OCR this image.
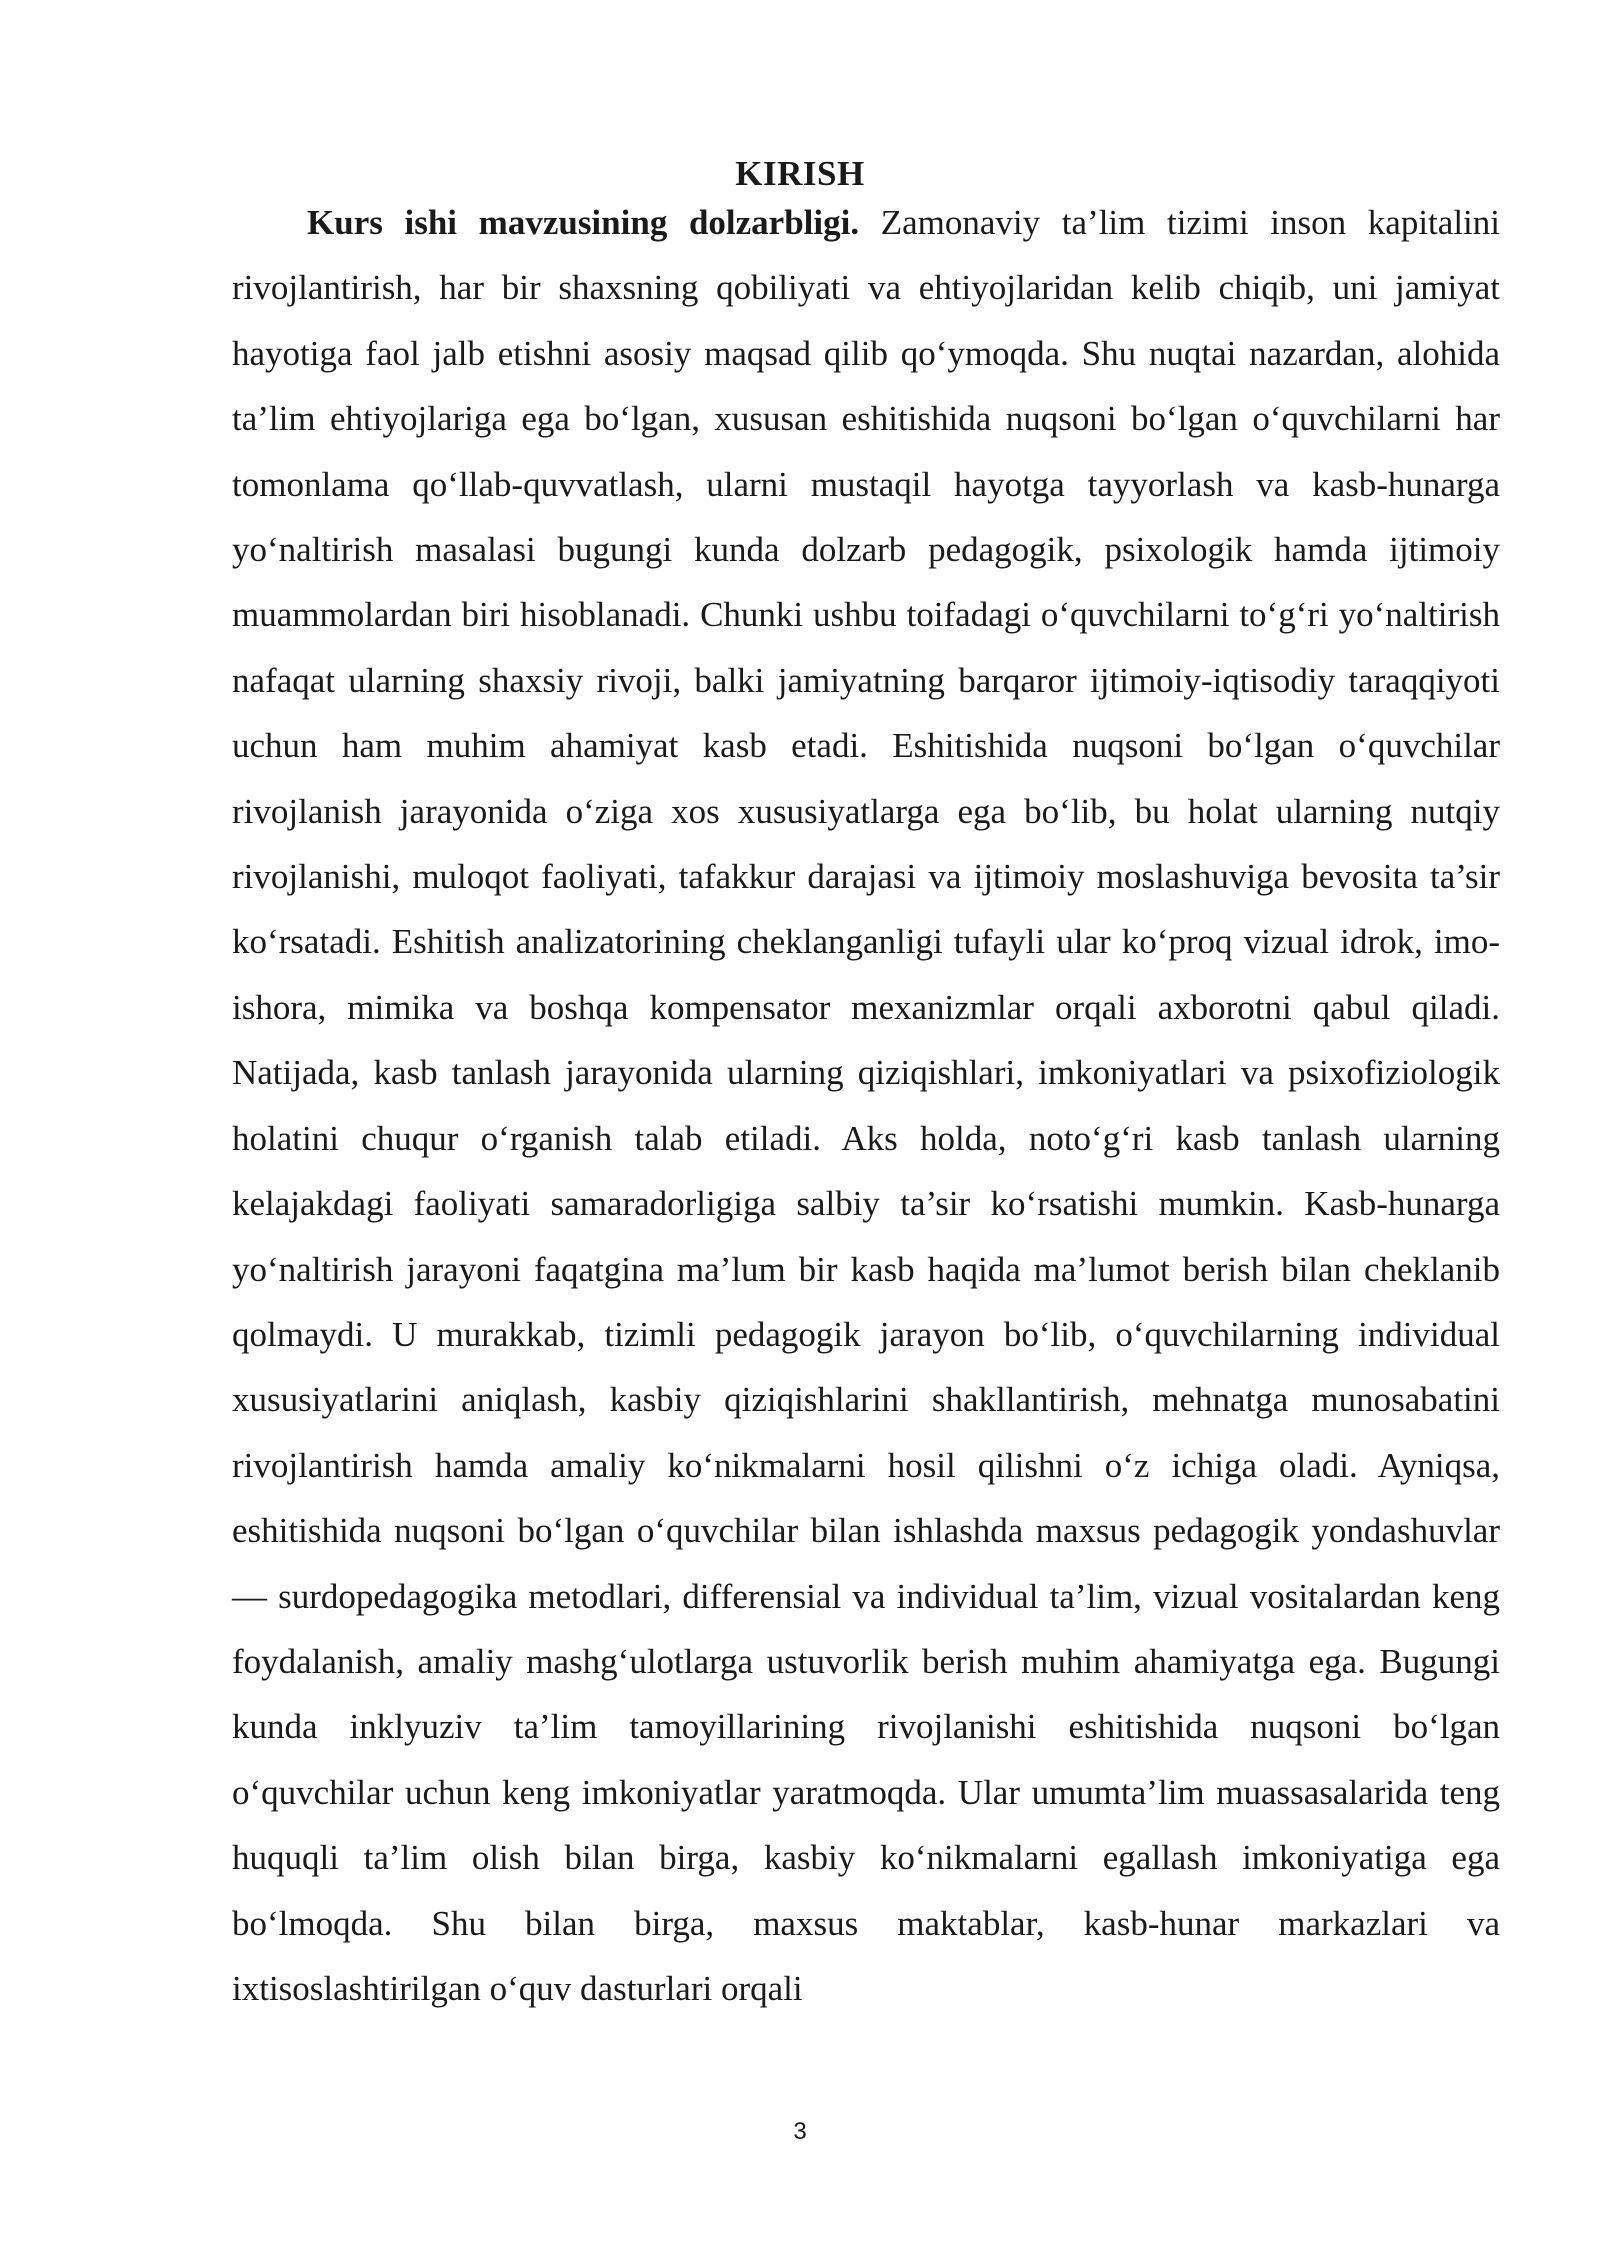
KIRISH

Kurs ishi mavzusining dolzarbligi. Zamonaviy ta’lim tizimi inson kapitalini rivojlantirish, har bir shaxsning qobiliyati va ehtiyojlaridan kelib chiqib, uni jamiyat hayotiga faol jalb etishni asosiy maqsad qilib qo‘ymoqda. Shu nuqtai nazardan, alohida ta’lim ehtiyojlariga ega bo‘lgan, xususan eshitishida nuqsoni bo‘lgan o‘quvchilarni har tomonlama qo‘llab-quvvatlash, ularni mustaqil hayotga tayyorlash va kasb-hunarga yo‘naltirish masalasi bugungi kunda dolzarb pedagogik, psixologik hamda ijtimoiy muammolardan biri hisoblanadi. Chunki ushbu toifadagi o‘quvchilarni to‘g‘ri yo‘naltirish nafaqat ularning shaxsiy rivoji, balki jamiyatning barqaror ijtimoiy-iqtisodiy taraqqiyoti uchun ham muhim ahamiyat kasb etadi. Eshitishida nuqsoni bo‘lgan o‘quvchilar rivojlanish jarayonida o‘ziga xos xususiyatlarga ega bo‘lib, bu holat ularning nutqiy rivojlanishi, muloqot faoliyati, tafakkur darajasi va ijtimoiy moslashuviga bevosita ta’sir ko‘rsatadi. Eshitish analizatorining cheklanganligi tufayli ular ko‘proq vizual idrok, imo-ishora, mimika va boshqa kompensator mexanizmlar orqali axborotni qabul qiladi. Natijada, kasb tanlash jarayonida ularning qiziqishlari, imkoniyatlari va psixofiziologik holatini chuqur o‘rganish talab etiladi. Aks holda, noto‘g‘ri kasb tanlash ularning kelajakdagi faoliyati samaradorligiga salbiy ta’sir ko‘rsatishi mumkin. Kasb-hunarga yo‘naltirish jarayoni faqatgina ma’lum bir kasb haqida ma’lumot berish bilan cheklanib qolmaydi. U murakkab, tizimli pedagogik jarayon bo‘lib, o‘quvchilarning individual xususiyatlarini aniqlash, kasbiy qiziqishlarini shakllantirish, mehnatga munosabatini rivojlantirish hamda amaliy ko‘nikmalarni hosil qilishni o‘z ichiga oladi. Ayniqsa, eshitishida nuqsoni bo‘lgan o‘quvchilar bilan ishlashda maxsus pedagogik yondashuvlar — surdopedagogika metodlari, differensial va individual ta’lim, vizual vositalardan keng foydalanish, amaliy mashg‘ulotlarga ustuvorlik berish muhim ahamiyatga ega. Bugungi kunda inklyuziv ta’lim tamoyillarining rivojlanishi eshitishida nuqsoni bo‘lgan o‘quvchilar uchun keng imkoniyatlar yaratmoqda. Ular umumta’lim muassasalarida teng huquqli ta’lim olish bilan birga, kasbiy ko‘nikmalarni egallash imkoniyatiga ega bo‘lmoqda. Shu bilan birga, maxsus maktablar, kasb-hunar markazlari va ixtisoslashtirilgan o‘quv dasturlari orqali

3
